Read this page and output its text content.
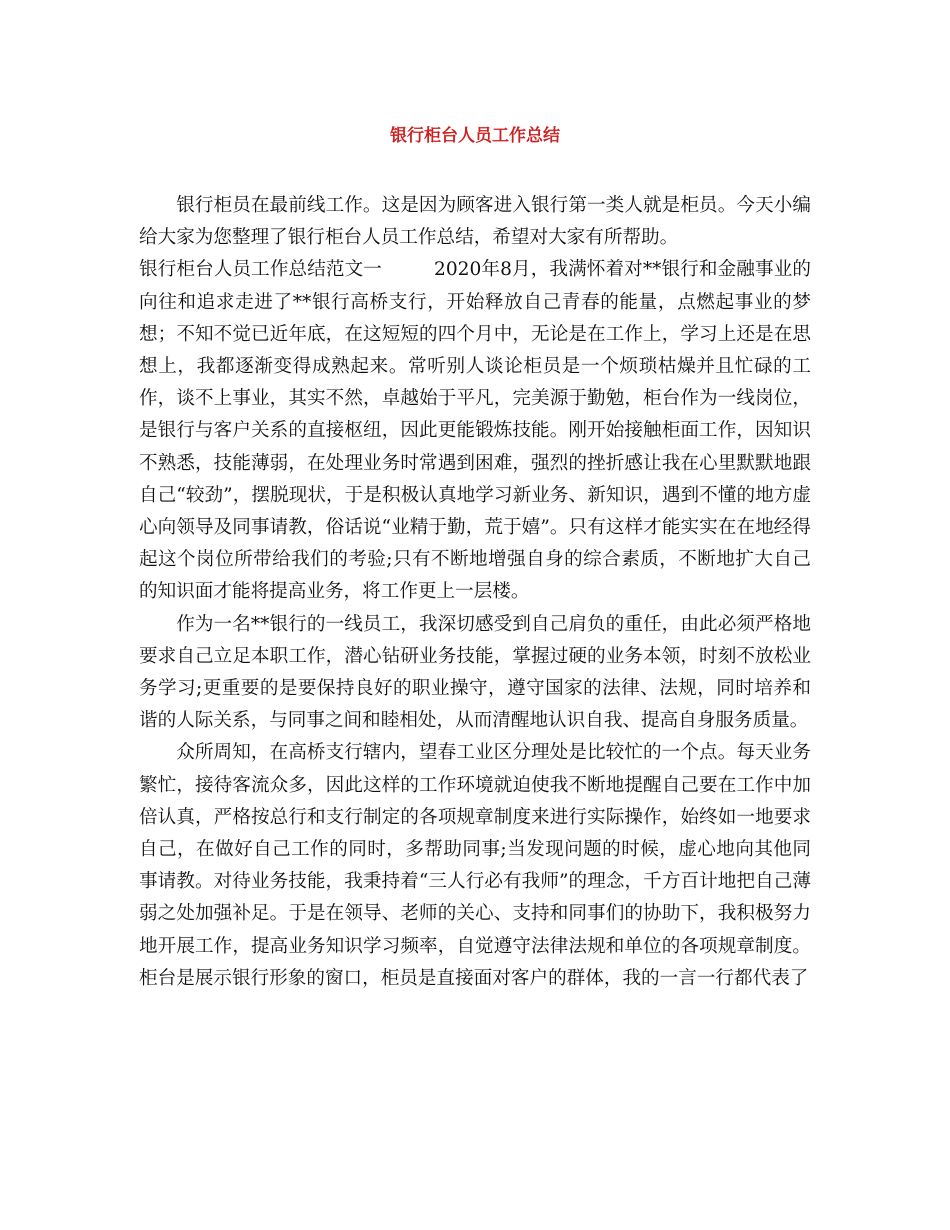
银行柜台人员工作总结

银行柜员在最前线工作。这是因为顾客进入银行第一类人就是柜员。今天小编给大家为您整理了银行柜台人员工作总结，希望对大家有所帮助。

银行柜台人员工作总结范文一	2020年8月，我满怀着对**银行和金融事业的向往和追求走进了**银行高桥支行，开始释放自己青春的能量，点燃起事业的梦想；不知不觉已近年底，在这短短的四个月中，无论是在工作上，学习上还是在思想上，我都逐渐变得成熟起来。常听别人谈论柜员是一个烦琐枯燥并且忙碌的工作，谈不上事业，其实不然，卓越始于平凡，完美源于勤勉，柜台作为一线岗位，是银行与客户关系的直接枢纽，因此更能锻炼技能。刚开始接触柜面工作，因知识不熟悉，技能薄弱，在处理业务时常遇到困难，强烈的挫折感让我在心里默默地跟自己“较劲”，摆脱现状，于是积极认真地学习新业务、新知识，遇到不懂的地方虚心向领导及同事请教，俗话说“业精于勤，荒于嬉”。只有这样才能实实在在地经得起这个岗位所带给我们的考验;只有不断地增强自身的综合素质，不断地扩大自己的知识面才能将提高业务，将工作更上一层楼。

作为一名**银行的一线员工，我深切感受到自己肩负的重任，由此必须严格地要求自己立足本职工作，潜心钻研业务技能，掌握过硬的业务本领，时刻不放松业务学习;更重要的是要保持良好的职业操守，遵守国家的法律、法规，同时培养和谐的人际关系，与同事之间和睦相处，从而清醒地认识自我、提高自身服务质量。

众所周知，在高桥支行辖内，望春工业区分理处是比较忙的一个点。每天业务繁忙，接待客流众多，因此这样的工作环境就迫使我不断地提醒自己要在工作中加倍认真，严格按总行和支行制定的各项规章制度来进行实际操作，始终如一地要求自己，在做好自己工作的同时，多帮助同事;当发现问题的时候，虚心地向其他同事请教。对待业务技能，我秉持着“三人行必有我师”的理念，千方百计地把自己薄弱之处加强补足。于是在领导、老师的关心、支持和同事们的协助下，我积极努力地开展工作，提高业务知识学习频率，自觉遵守法律法规和单位的各项规章制度。柜台是展示银行形象的窗口，柜员是直接面对客户的群体，我的一言一行都代表了
